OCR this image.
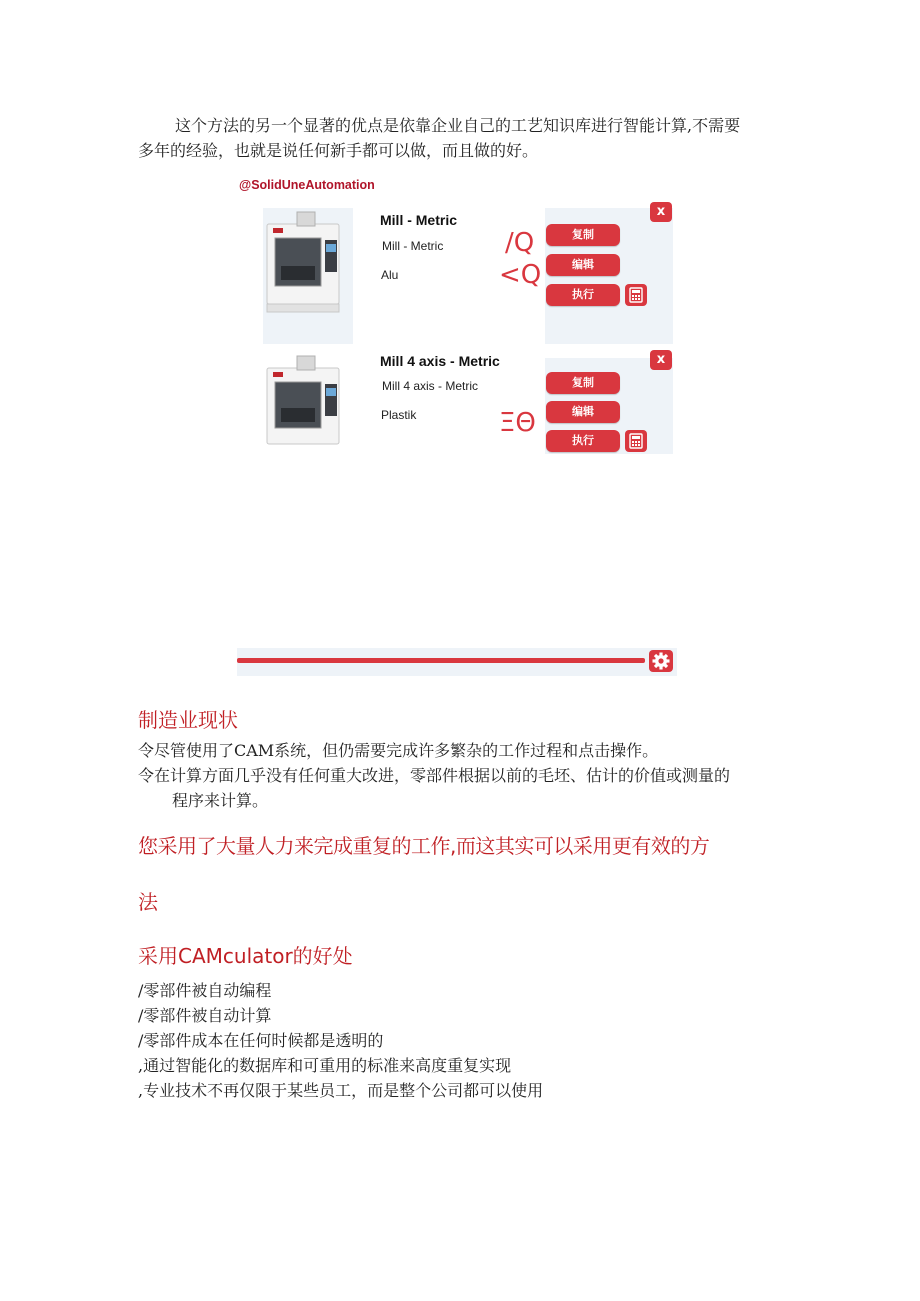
这个方法的另一个显著的优点是依靠企业自己的工艺知识库进行智能计算,不需要
多年的经验，也就是说任何新手都可以做，而且做的好。
@SolidUneAutomation
Mill - Metric
Mill - Metric
Alu
/Q
<Q
x
复制
编辑
执行
Mill 4 axis - Metric
Mill 4 axis - Metric
Plastik	ΞΘ
x
复制
编辑
执行
制造业现状
令尽管使用了CAM系统，但仍需要完成许多繁杂的工作过程和点击操作。
令在计算方面几乎没有任何重大改进，零部件根据以前的毛坯、估计的价值或测量的
程序来计算。
您采用了大量人力来完成重复的工作,而这其实可以采用更有效的方
法
采用CAMculator的好处
/零部件被自动编程
/零部件被自动计算
/零部件成本在任何时候都是透明的
,通过智能化的数据库和可重用的标准来高度重复实现
,专业技术不再仅限于某些员工，而是整个公司都可以使用
